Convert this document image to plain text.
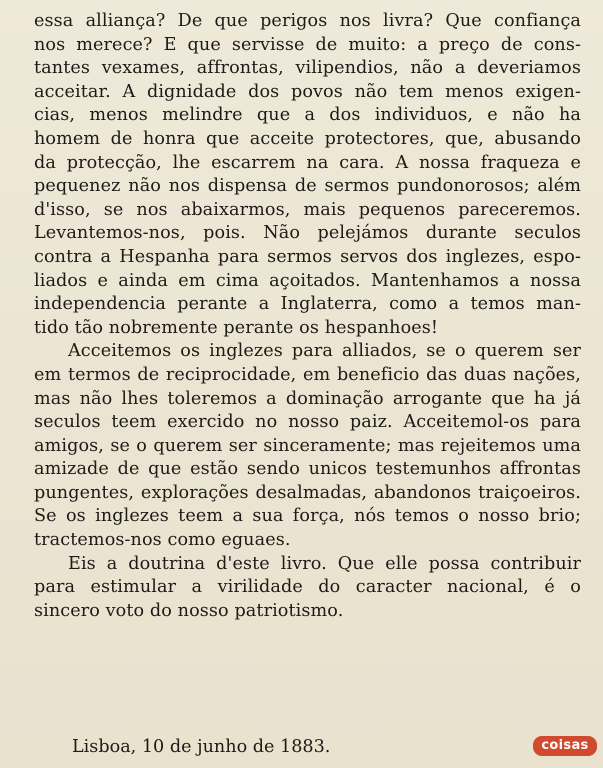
essa alliança? De que perigos nos livra? Que confiança
nos merece? E que servisse de muito: a preço de cons-
tantes vexames, affrontas, vilipendios, não a deveriamos
acceitar. A dignidade dos povos não tem menos exigen-
cias, menos melindre que a dos individuos, e não ha
homem de honra que acceite protectores, que, abusando
da protecção, lhe escarrem na cara. A nossa fraqueza e
pequenez não nos dispensa de sermos pundonorosos; além
d'isso, se nos abaixarmos, mais pequenos pareceremos.
Levantemos-nos, pois. Não pelejámos durante seculos
contra a Hespanha para sermos servos dos inglezes, espo-
liados e ainda em cima açoitados. Mantenhamos a nossa
independencia perante a Inglaterra, como a temos man-
tido tão nobremente perante os hespanhoes!
Acceitemos os inglezes para alliados, se o querem ser
em termos de reciprocidade, em beneficio das duas nações,
mas não lhes toleremos a dominação arrogante que ha já
seculos teem exercido no nosso paiz. Acceitemol-os para
amigos, se o querem ser sinceramente; mas rejeitemos uma
amizade de que estão sendo unicos testemunhos affrontas
pungentes, explorações desalmadas, abandonos traiçoeiros.
Se os inglezes teem a sua força, nós temos o nosso brio;
tractemos-nos como eguaes.
Eis a doutrina d'este livro. Que elle possa contribuir
para estimular a virilidade do caracter nacional, é o
sincero voto do nosso patriotismo.
Lisboa, 10 de junho de 1883.	coisas
